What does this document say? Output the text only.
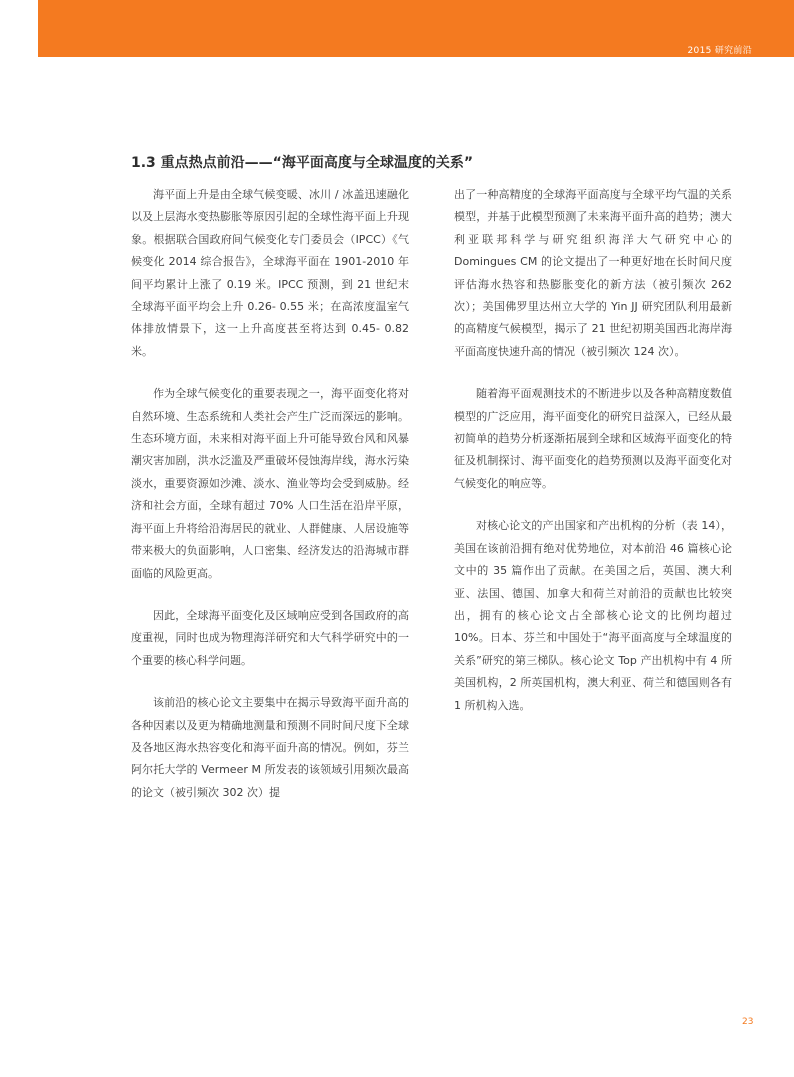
2015 研究前沿
1.3 重点热点前沿——“海平面高度与全球温度的关系”

海平面上升是由全球气候变暖、冰川 / 冰盖迅速融化以及上层海水变热膨胀等原因引起的全球性海平面上升现象。根据联合国政府间气候变化专门委员会（IPCC）《气候变化 2014 综合报告》，全球海平面在 1901-2010 年间平均累计上涨了 0.19 米。IPCC 预测，到 21 世纪末全球海平面平均会上升 0.26- 0.55 米；在高浓度温室气体排放情景下，这一上升高度甚至将达到 0.45- 0.82 米。

作为全球气候变化的重要表现之一，海平面变化将对自然环境、生态系统和人类社会产生广泛而深远的影响。生态环境方面，未来相对海平面上升可能导致台风和风暴潮灾害加剧，洪水泛滥及严重破坏侵蚀海岸线，海水污染淡水，重要资源如沙滩、淡水、渔业等均会受到威胁。经济和社会方面，全球有超过 70% 人口生活在沿岸平原，海平面上升将给沿海居民的就业、人群健康、人居设施等带来极大的负面影响，人口密集、经济发达的沿海城市群面临的风险更高。

因此，全球海平面变化及区域响应受到各国政府的高度重视，同时也成为物理海洋研究和大气科学研究中的一个重要的核心科学问题。

该前沿的核心论文主要集中在揭示导致海平面升高的各种因素以及更为精确地测量和预测不同时间尺度下全球及各地区海水热容变化和海平面升高的情况。例如，芬兰阿尔托大学的 Vermeer M 所发表的该领域引用频次最高的论文（被引频次 302 次）提

出了一种高精度的全球海平面高度与全球平均气温的关系模型，并基于此模型预测了未来海平面升高的趋势；澳大利亚联邦科学与研究组织海洋大气研究中心的 Domingues CM 的论文提出了一种更好地在长时间尺度评估海水热容和热膨胀变化的新方法（被引频次 262 次）；美国佛罗里达州立大学的 Yin JJ 研究团队利用最新的高精度气候模型，揭示了 21 世纪初期美国西北海岸海平面高度快速升高的情况（被引频次 124 次）。

随着海平面观测技术的不断进步以及各种高精度数值模型的广泛应用，海平面变化的研究日益深入，已经从最初简单的趋势分析逐渐拓展到全球和区域海平面变化的特征及机制探讨、海平面变化的趋势预测以及海平面变化对气候变化的响应等。

对核心论文的产出国家和产出机构的分析（表 14），美国在该前沿拥有绝对优势地位，对本前沿 46 篇核心论文中的 35 篇作出了贡献。在美国之后，英国、澳大利亚、法国、德国、加拿大和荷兰对前沿的贡献也比较突出，拥有的核心论文占全部核心论文的比例均超过 10%。日本、芬兰和中国处于“海平面高度与全球温度的关系”研究的第三梯队。核心论文 Top 产出机构中有 4 所美国机构，2 所英国机构，澳大利亚、荷兰和德国则各有 1 所机构入选。

23
